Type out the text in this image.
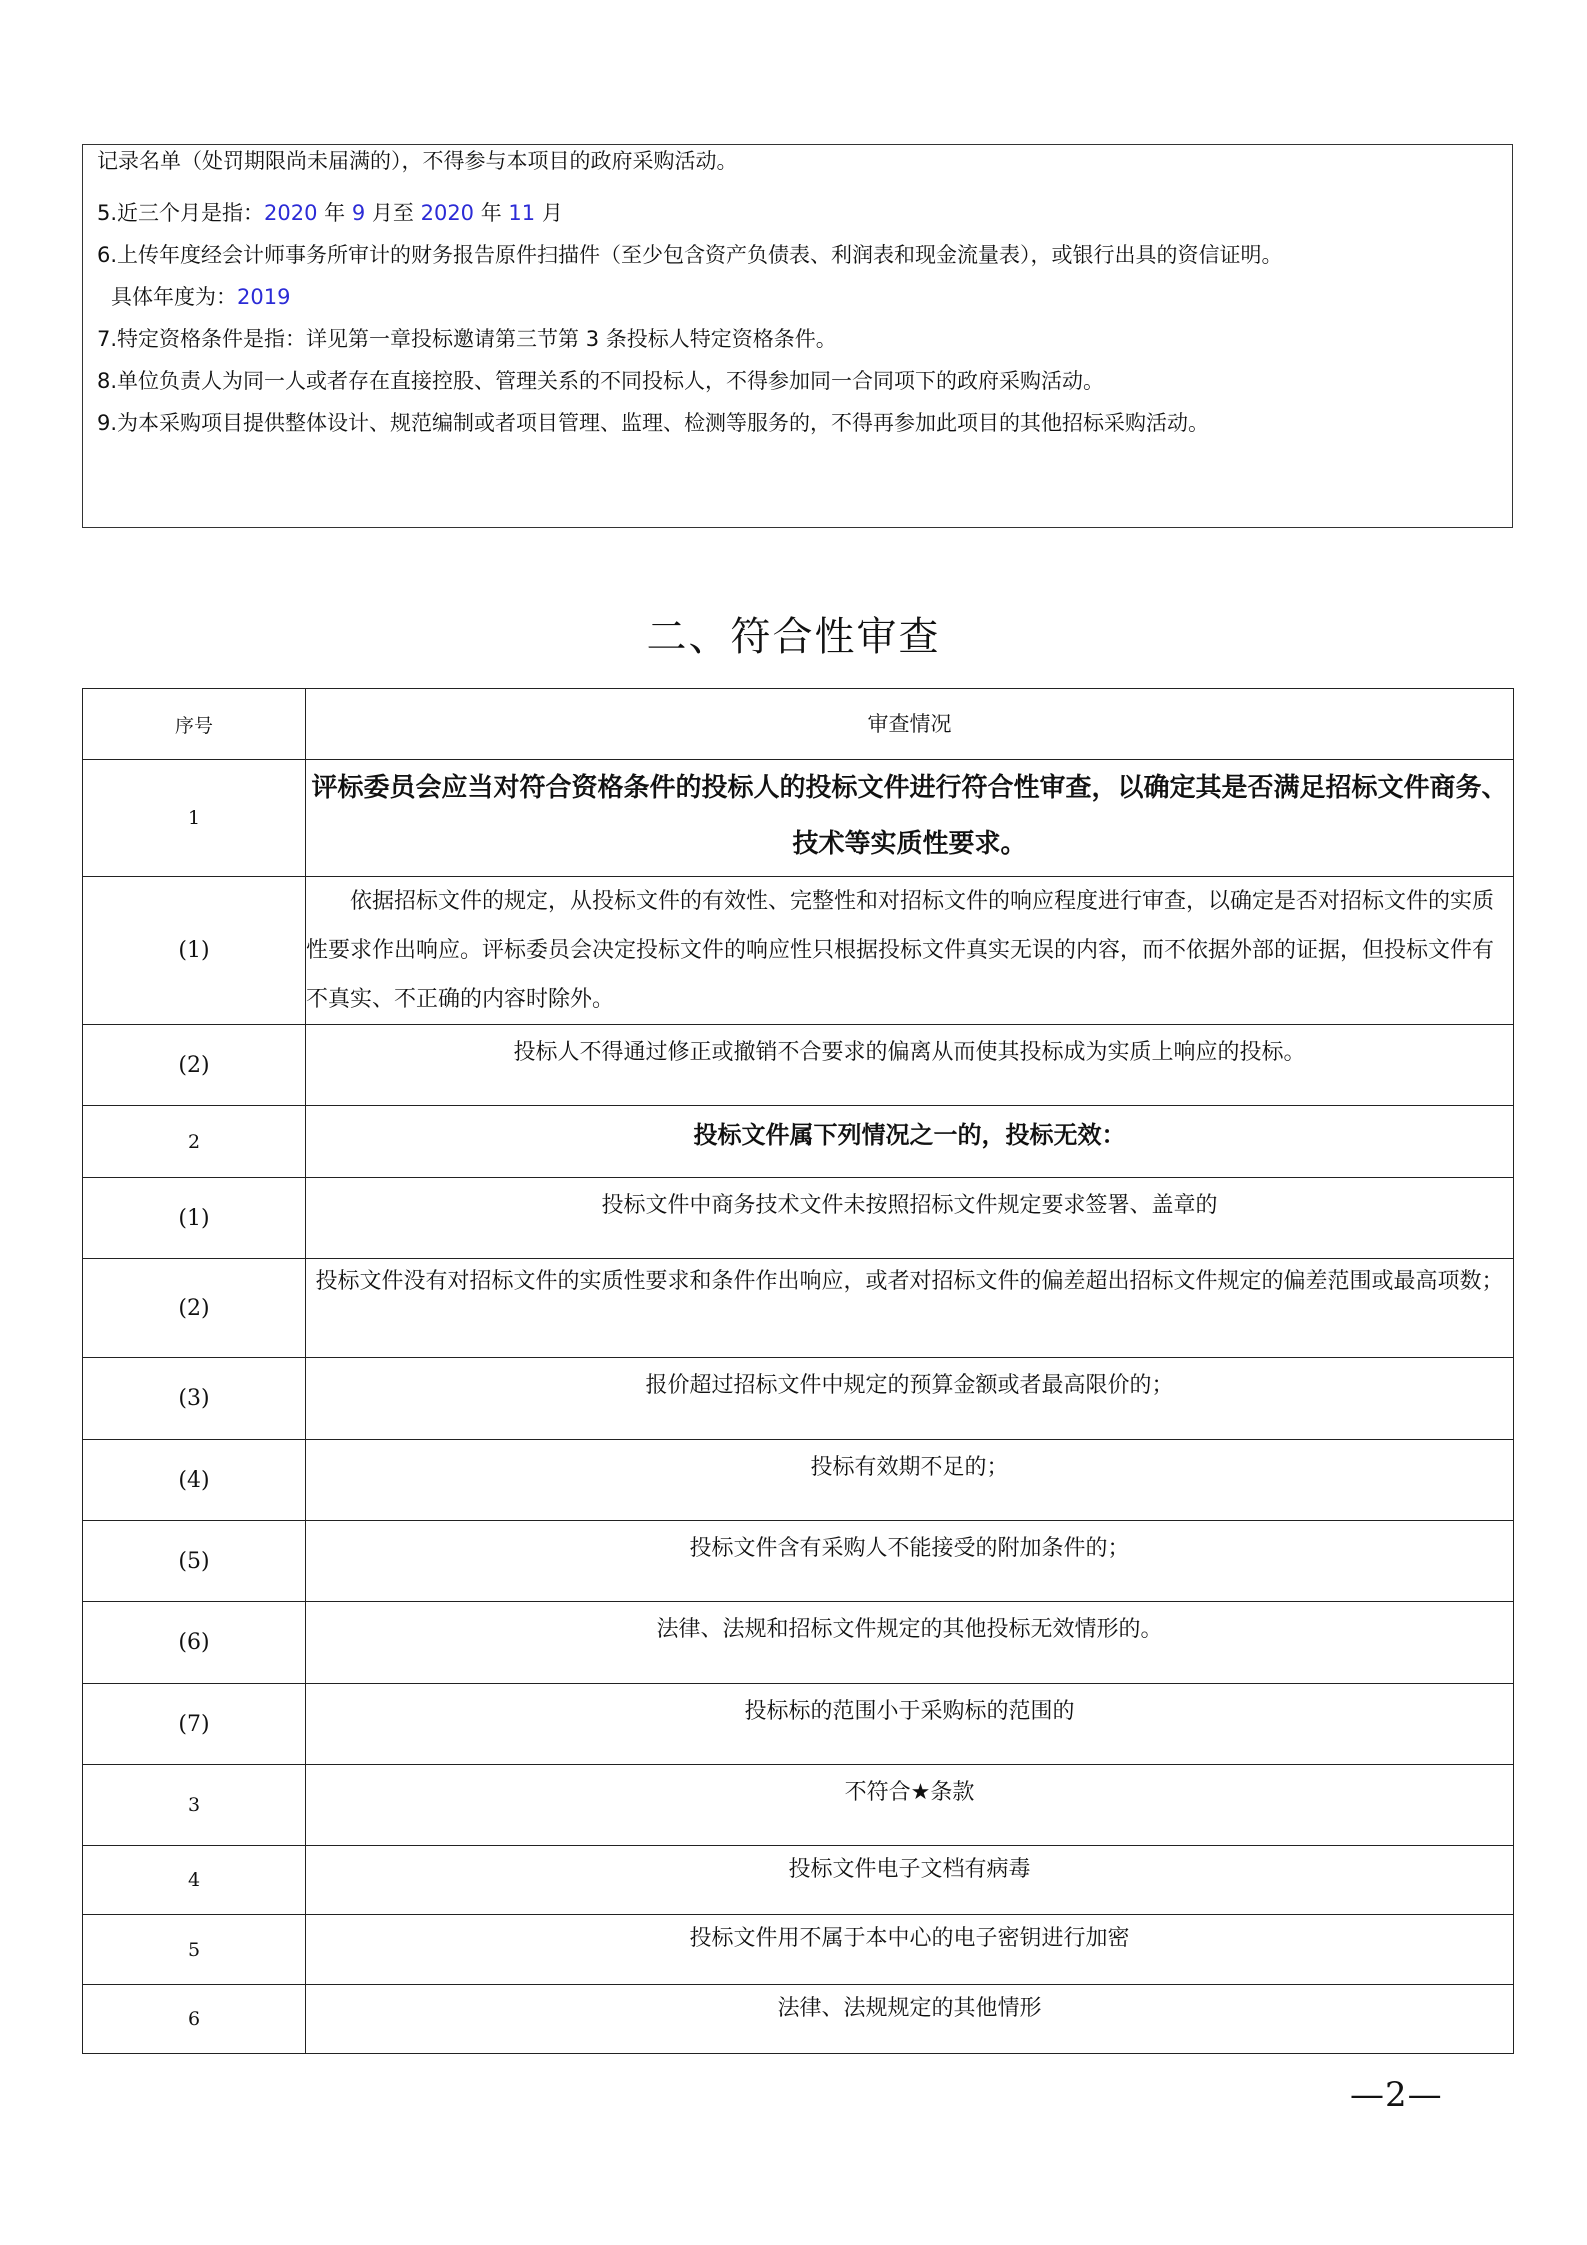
记录名单（处罚期限尚未届满的），不得参与本项目的政府采购活动。
5.近三个月是指：2020 年 9 月至 2020 年 11 月
6.上传年度经会计师事务所审计的财务报告原件扫描件（至少包含资产负债表、利润表和现金流量表），或银行出具的资信证明。
具体年度为：2019
7.特定资格条件是指：详见第一章投标邀请第三节第 3 条投标人特定资格条件。
8.单位负责人为同一人或者存在直接控股、管理关系的不同投标人，不得参加同一合同项下的政府采购活动。
9.为本采购项目提供整体设计、规范编制或者项目管理、监理、检测等服务的，不得再参加此项目的其他招标采购活动。
二、符合性审查
序号	审查情况
1	评标委员会应当对符合资格条件的投标人的投标文件进行符合性审查，以确定其是否满足招标文件商务、技术等实质性要求。
(1)	依据招标文件的规定，从投标文件的有效性、完整性和对招标文件的响应程度进行审查，以确定是否对招标文件的实质性要求作出响应。评标委员会决定投标文件的响应性只根据投标文件真实无误的内容，而不依据外部的证据，但投标文件有不真实、不正确的内容时除外。
(2)	投标人不得通过修正或撤销不合要求的偏离从而使其投标成为实质上响应的投标。
2	投标文件属下列情况之一的，投标无效：
(1)	投标文件中商务技术文件未按照招标文件规定要求签署、盖章的
(2)	投标文件没有对招标文件的实质性要求和条件作出响应，或者对招标文件的偏差超出招标文件规定的偏差范围或最高项数；
(3)	报价超过招标文件中规定的预算金额或者最高限价的；
(4)	投标有效期不足的；
(5)	投标文件含有采购人不能接受的附加条件的；
(6)	法律、法规和招标文件规定的其他投标无效情形的。
(7)	投标标的范围小于采购标的范围的
3	不符合★条款
4	投标文件电子文档有病毒
5	投标文件用不属于本中心的电子密钥进行加密
6	法律、法规规定的其他情形
—2—
